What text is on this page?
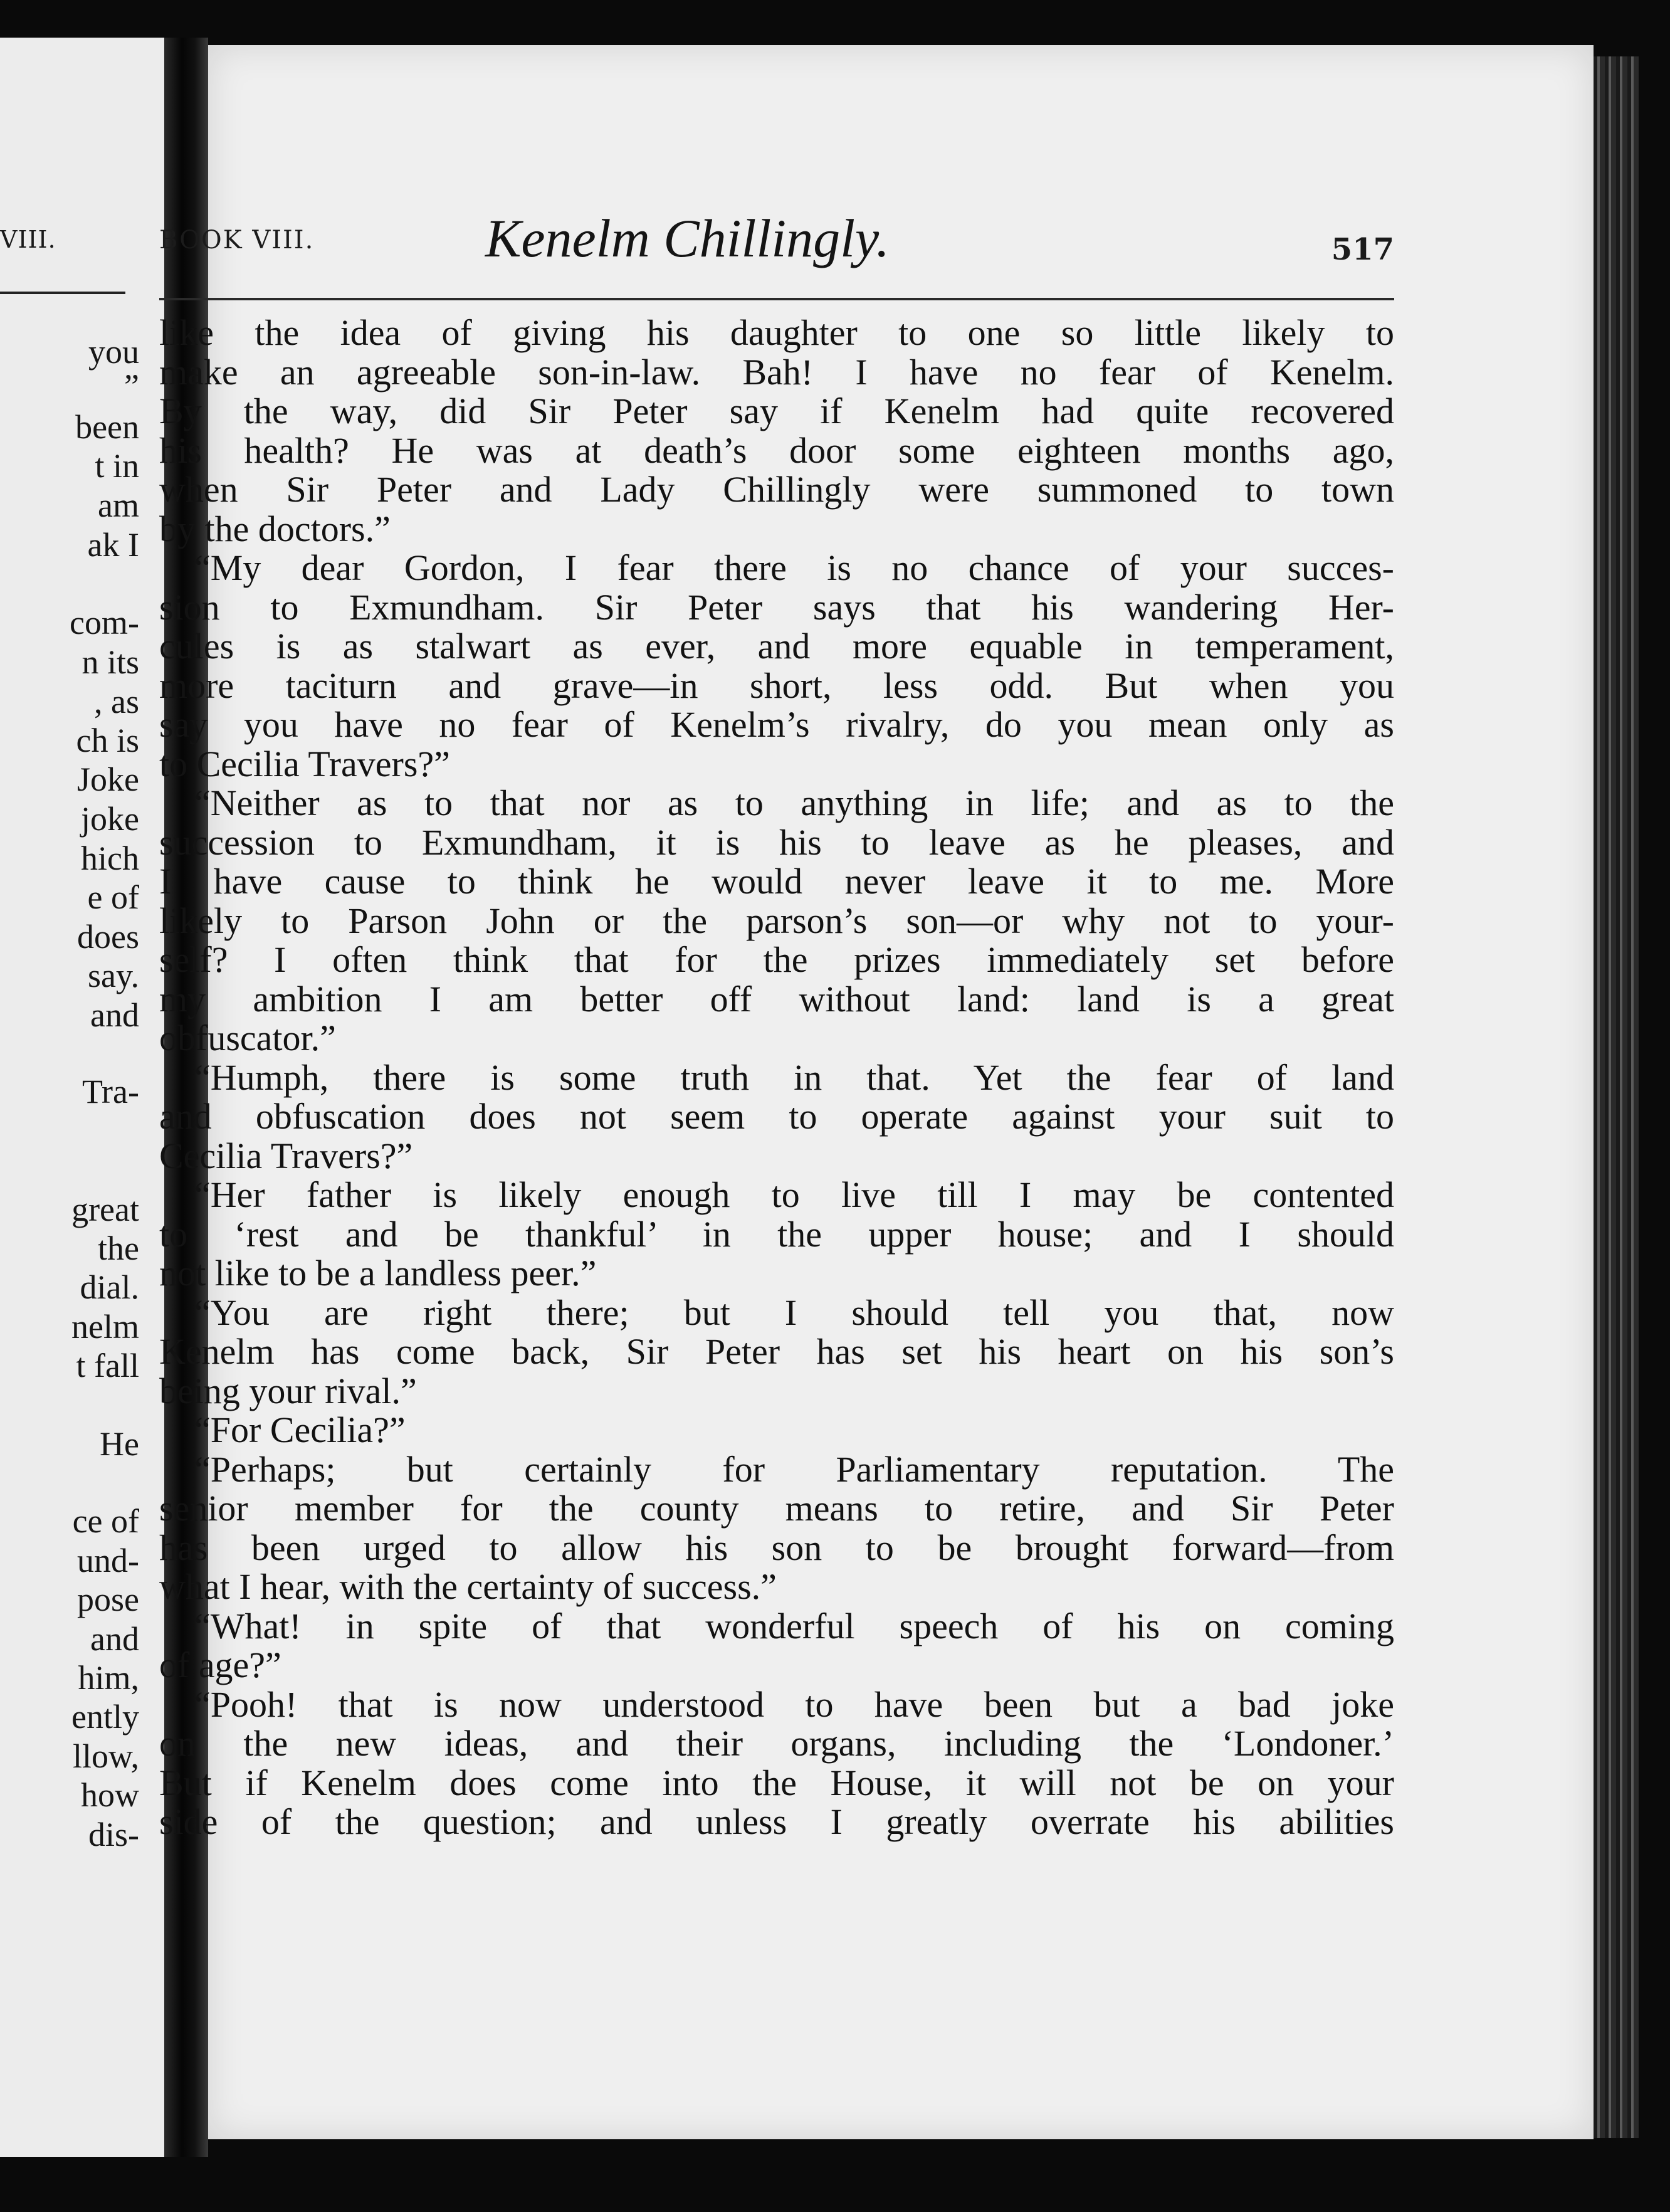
VIII.
you
”
been
t in
am
ak I
com-
n its
, as
ch is
Joke
joke
hich
e of
does
say.
and
Tra-
great
the
dial.
nelm
t fall
He
ce of
und-
pose
and
him,
ently
llow,
how
dis-
BOOK VIII.	Kenelm Chillingly.	517
like the idea of giving his daughter to one so little likely to
make an agreeable son-in-law. Bah! I have no fear of Kenelm.
By the way, did Sir Peter say if Kenelm had quite recovered
his health? He was at death’s door some eighteen months ago,
when Sir Peter and Lady Chillingly were summoned to town
by the doctors.”
“My dear Gordon, I fear there is no chance of your succes-
sion to Exmundham. Sir Peter says that his wandering Her-
cules is as stalwart as ever, and more equable in temperament,
more taciturn and grave—in short, less odd. But when you
say you have no fear of Kenelm’s rivalry, do you mean only as
to Cecilia Travers?”
“Neither as to that nor as to anything in life; and as to the
succession to Exmundham, it is his to leave as he pleases, and
I have cause to think he would never leave it to me. More
likely to Parson John or the parson’s son—or why not to your-
self? I often think that for the prizes immediately set before
my ambition I am better off without land: land is a great
obfuscator.”
“Humph, there is some truth in that. Yet the fear of land
and obfuscation does not seem to operate against your suit to
Cecilia Travers?”
“Her father is likely enough to live till I may be contented
to ‘rest and be thankful’ in the upper house; and I should
not like to be a landless peer.”
“You are right there; but I should tell you that, now
Kenelm has come back, Sir Peter has set his heart on his son’s
being your rival.”
“For Cecilia?”
“Perhaps; but certainly for Parliamentary reputation. The
senior member for the county means to retire, and Sir Peter
has been urged to allow his son to be brought forward—from
what I hear, with the certainty of success.”
“What! in spite of that wonderful speech of his on coming
of age?”
“Pooh! that is now understood to have been but a bad joke
on the new ideas, and their organs, including the ‘Londoner.’
But if Kenelm does come into the House, it will not be on your
side of the question; and unless I greatly overrate his abilities
